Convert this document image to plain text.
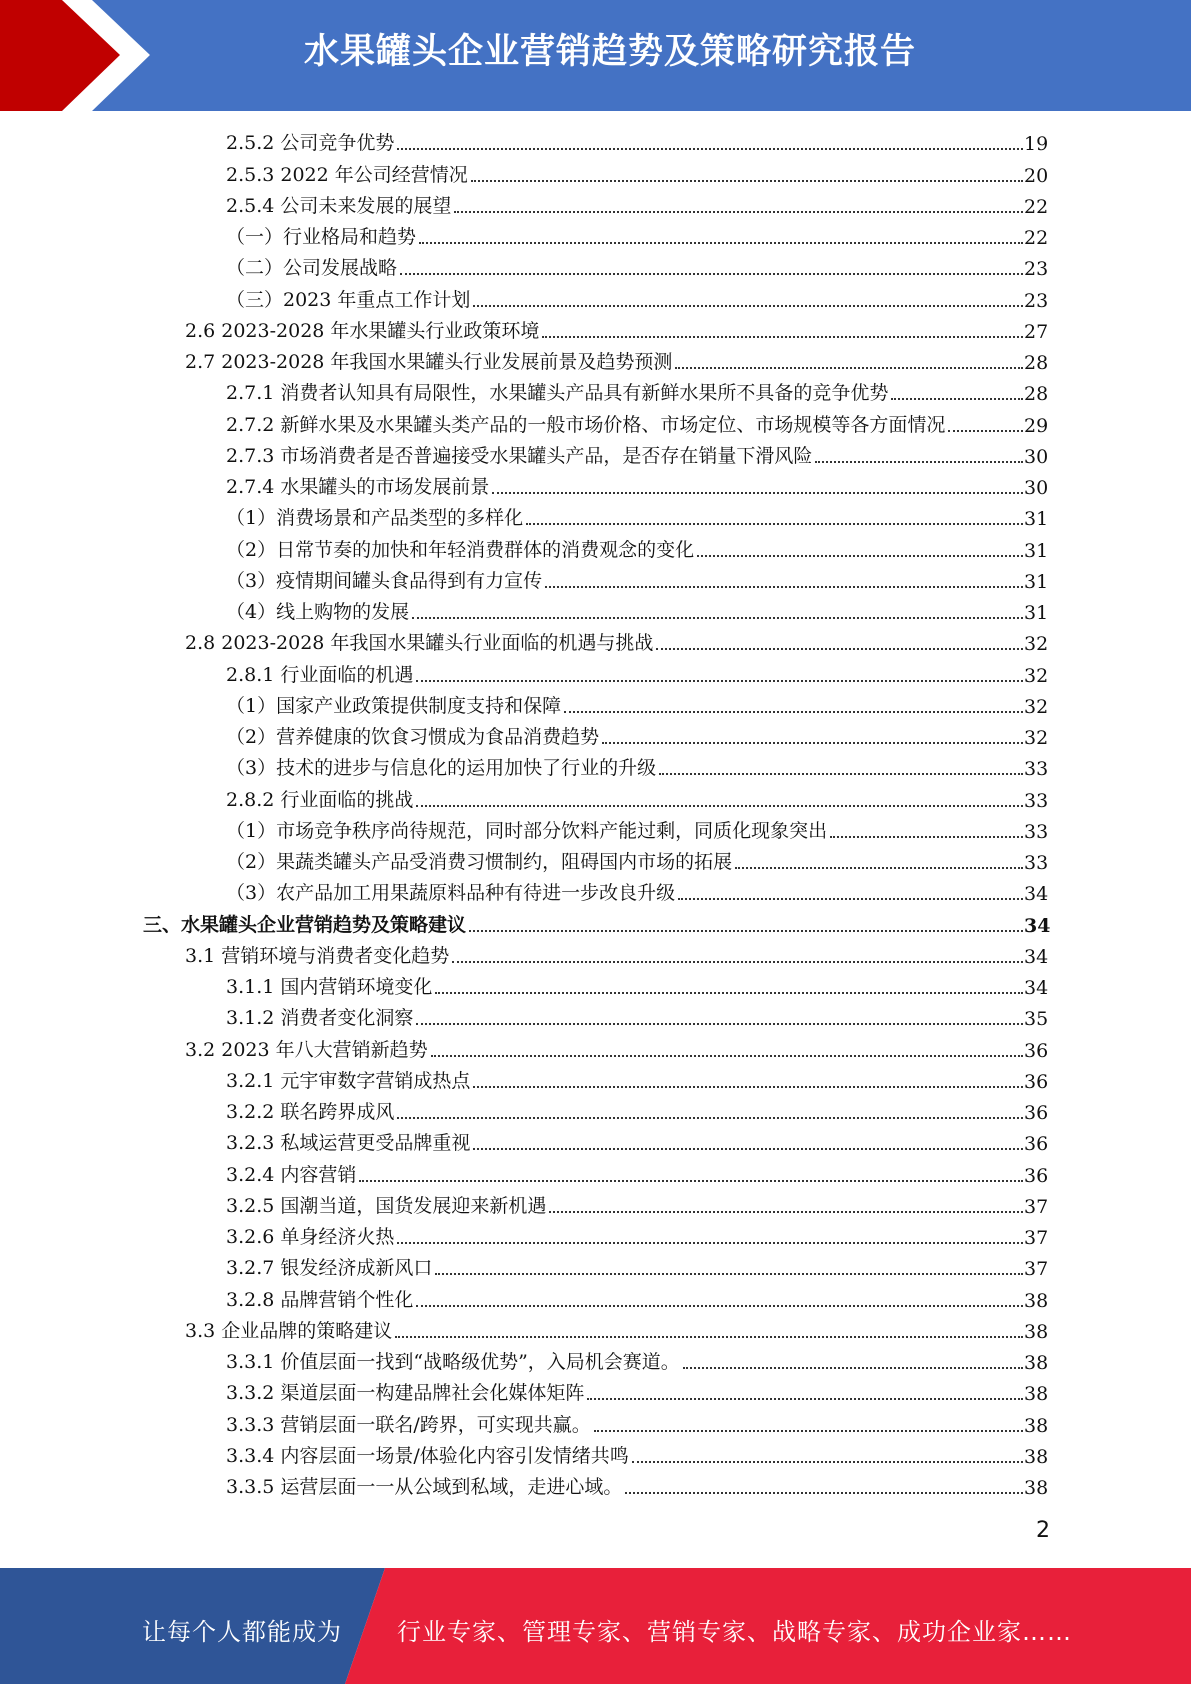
水果罐头企业营销趋势及策略研究报告
2.5.2 公司竞争优势	19
2.5.3 2022 年公司经营情况	20
2.5.4 公司未来发展的展望	22
（一）行业格局和趋势	22
（二）公司发展战略	23
（三）2023 年重点工作计划	23
2.6 2023-2028 年水果罐头行业政策环境	27
2.7 2023-2028 年我国水果罐头行业发展前景及趋势预测	28
2.7.1 消费者认知具有局限性，水果罐头产品具有新鲜水果所不具备的竞争优势	28
2.7.2 新鲜水果及水果罐头类产品的一般市场价格、市场定位、市场规模等各方面情况	29
2.7.3 市场消费者是否普遍接受水果罐头产品，是否存在销量下滑风险	30
2.7.4 水果罐头的市场发展前景	30
（1）消费场景和产品类型的多样化	31
（2）日常节奏的加快和年轻消费群体的消费观念的变化	31
（3）疫情期间罐头食品得到有力宣传	31
（4）线上购物的发展	31
2.8 2023-2028 年我国水果罐头行业面临的机遇与挑战	32
2.8.1 行业面临的机遇	32
（1）国家产业政策提供制度支持和保障	32
（2）营养健康的饮食习惯成为食品消费趋势	32
（3）技术的进步与信息化的运用加快了行业的升级	33
2.8.2 行业面临的挑战	33
（1）市场竞争秩序尚待规范，同时部分饮料产能过剩，同质化现象突出	33
（2）果蔬类罐头产品受消费习惯制约，阻碍国内市场的拓展	33
（3）农产品加工用果蔬原料品种有待进一步改良升级	34
三、水果罐头企业营销趋势及策略建议	34
3.1 营销环境与消费者变化趋势	34
3.1.1 国内营销环境变化	34
3.1.2 消费者变化洞察	35
3.2 2023 年八大营销新趋势	36
3.2.1 元宇审数字营销成热点	36
3.2.2 联名跨界成风	36
3.2.3 私域运营更受品牌重视	36
3.2.4 内容营销	36
3.2.5 国潮当道，国货发展迎来新机遇	37
3.2.6 单身经济火热	37
3.2.7 银发经济成新风口	37
3.2.8 品牌营销个性化	38
3.3 企业品牌的策略建议	38
3.3.1 价值层面一找到“战略级优势”，入局机会赛道。	38
3.3.2 渠道层面一构建品牌社会化媒体矩阵	38
3.3.3 营销层面一联名/跨界，可实现共赢。	38
3.3.4 内容层面一场景/体验化内容引发情绪共鸣	38
3.3.5 运营层面一一从公域到私域，走进心域。	38
2
让每个人都能成为 行业专家、管理专家、营销专家、战略专家、成功企业家……
